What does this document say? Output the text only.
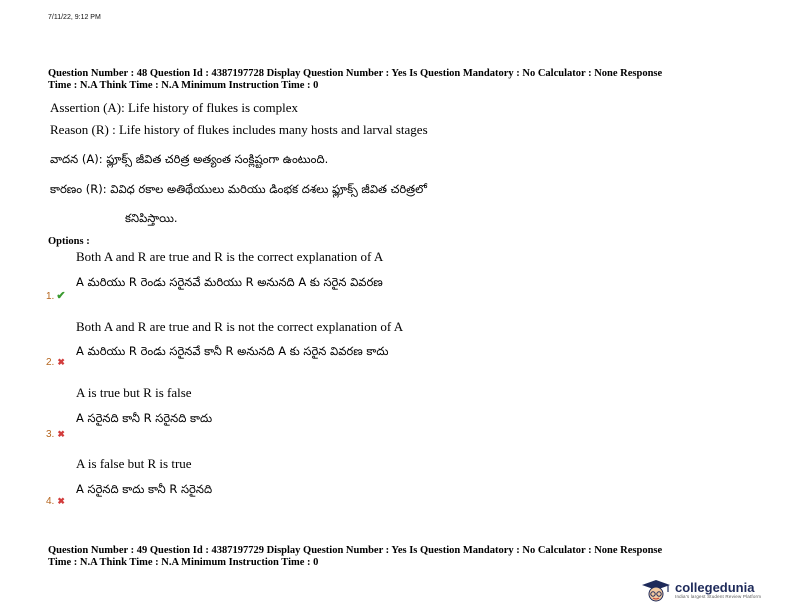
7/11/22, 9:12 PM
Question Number : 48 Question Id : 4387197728 Display Question Number : Yes Is Question Mandatory : No Calculator : None Response
Time : N.A Think Time : N.A Minimum Instruction Time : 0
Assertion (A): Life history of flukes is complex
Reason (R) : Life history of flukes includes many hosts and larval stages
వాదన (A): ఫ్లూక్స్ జీవిత చరిత్ర అత్యంత సంక్లిష్టంగా ఉంటుంది.
కారణం (R): వివిధ రకాల అతిథేయులు మరియు డింభక దశలు ఫ్లూక్స్ జీవిత చరిత్రలో
కనిపిస్తాయి.
Options :
Both A and R are true and R is the correct explanation of A
A మరియు R రెండు సరైనవే మరియు R అనునది A కు సరైన వివరణ
1. ✔
Both A and R are true and R is not the correct explanation of A
A మరియు R రెండు సరైనవే కానీ R అనునది A కు సరైన వివరణ కాదు
2. ✖
A is true but R is false
A సరైనది కానీ R సరైనది కాదు
3. ✖
A is false but R is true
A సరైనది కాదు కానీ R సరైనది
4. ✖
Question Number : 49 Question Id : 4387197729 Display Question Number : Yes Is Question Mandatory : No Calculator : None Response
Time : N.A Think Time : N.A Minimum Instruction Time : 0
collegedunia
India's largest Student Review Platform
